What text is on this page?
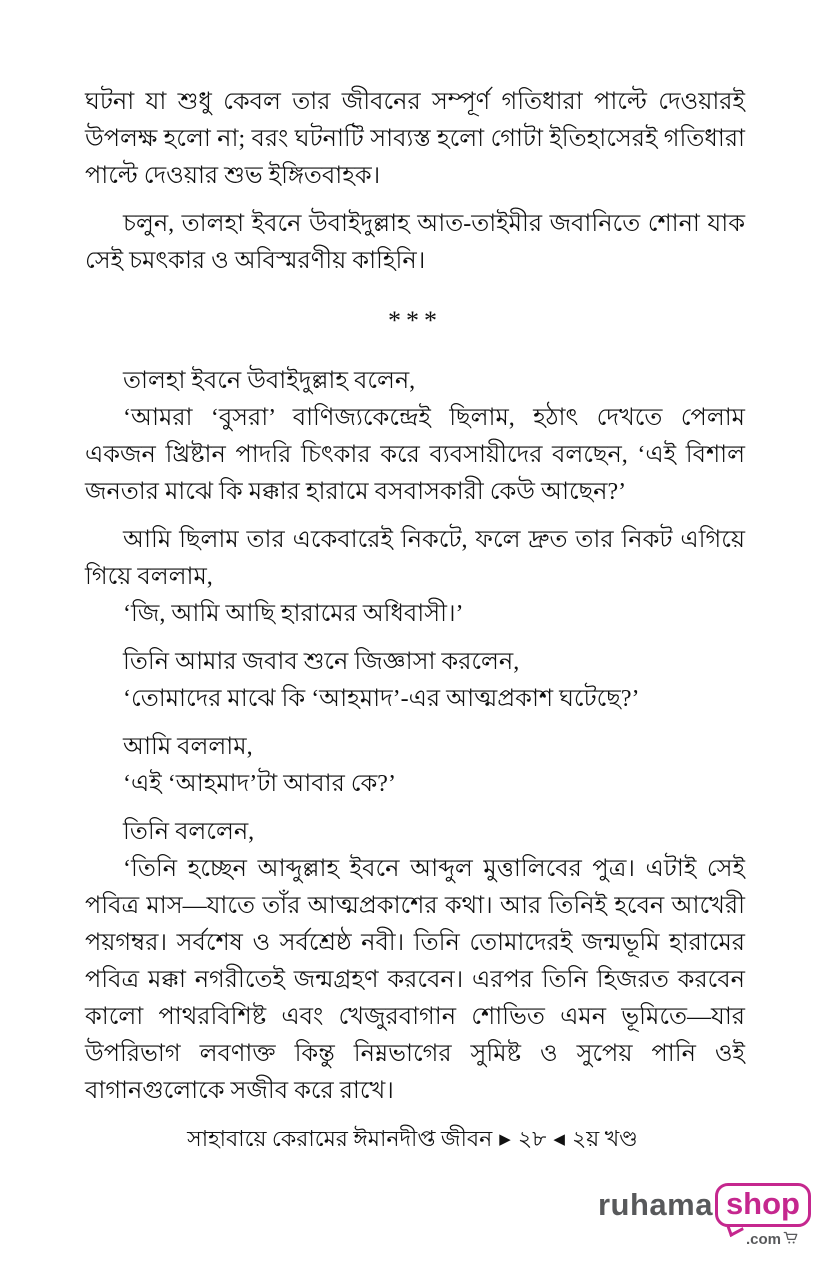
ঘটনা যা শুধু কেবল তার জীবনের সম্পূর্ণ গতিধারা পাল্টে দেওয়ারই উপলক্ষ হলো না; বরং ঘটনাটি সাব্যস্ত হলো গোটা ইতিহাসেরই গতিধারা পাল্টে দেওয়ার শুভ ইঙ্গিতবাহক।

চলুন, তালহা ইবনে উবাইদুল্লাহ আত-তাইমীর জবানিতে শোনা যাক সেই চমৎকার ও অবিস্মরণীয় কাহিনি।

***

তালহা ইবনে উবাইদুল্লাহ বলেন,

‘আমরা ‘বুসরা’ বাণিজ্যকেন্দ্রেই ছিলাম, হঠাৎ দেখতে পেলাম একজন খ্রিষ্টান পাদরি চিৎকার করে ব্যবসায়ীদের বলছেন, ‘এই বিশাল জনতার মাঝে কি মক্কার হারামে বসবাসকারী কেউ আছেন?’

আমি ছিলাম তার একেবারেই নিকটে, ফলে দ্রুত তার নিকট এগিয়ে গিয়ে বললাম,

‘জি, আমি আছি হারামের অধিবাসী।’

তিনি আমার জবাব শুনে জিজ্ঞাসা করলেন,

‘তোমাদের মাঝে কি ‘আহমাদ’-এর আত্মপ্রকাশ ঘটেছে?’

আমি বললাম,

‘এই ‘আহমাদ’টা আবার কে?’

তিনি বললেন,

‘তিনি হচ্ছেন আব্দুল্লাহ ইবনে আব্দুল মুত্তালিবের পুত্র। এটাই সেই পবিত্র মাস—যাতে তাঁর আত্মপ্রকাশের কথা। আর তিনিই হবেন আখেরী পয়গম্বর। সর্বশেষ ও সর্বশ্রেষ্ঠ নবী। তিনি তোমাদেরই জন্মভূমি হারামের পবিত্র মক্কা নগরীতেই জন্মগ্রহণ করবেন। এরপর তিনি হিজরত করবেন কালো পাথরবিশিষ্ট এবং খেজুরবাগান শোভিত এমন ভূমিতে—যার উপরিভাগ লবণাক্ত কিন্তু নিম্নভাগের সুমিষ্ট ও সুপেয় পানি ওই বাগানগুলোকে সজীব করে রাখে।

সাহাবায়ে কেরামের ঈমানদীপ্ত জীবন ▶ ২৮ ◀ ২য় খণ্ড
ruhama shop
.com
